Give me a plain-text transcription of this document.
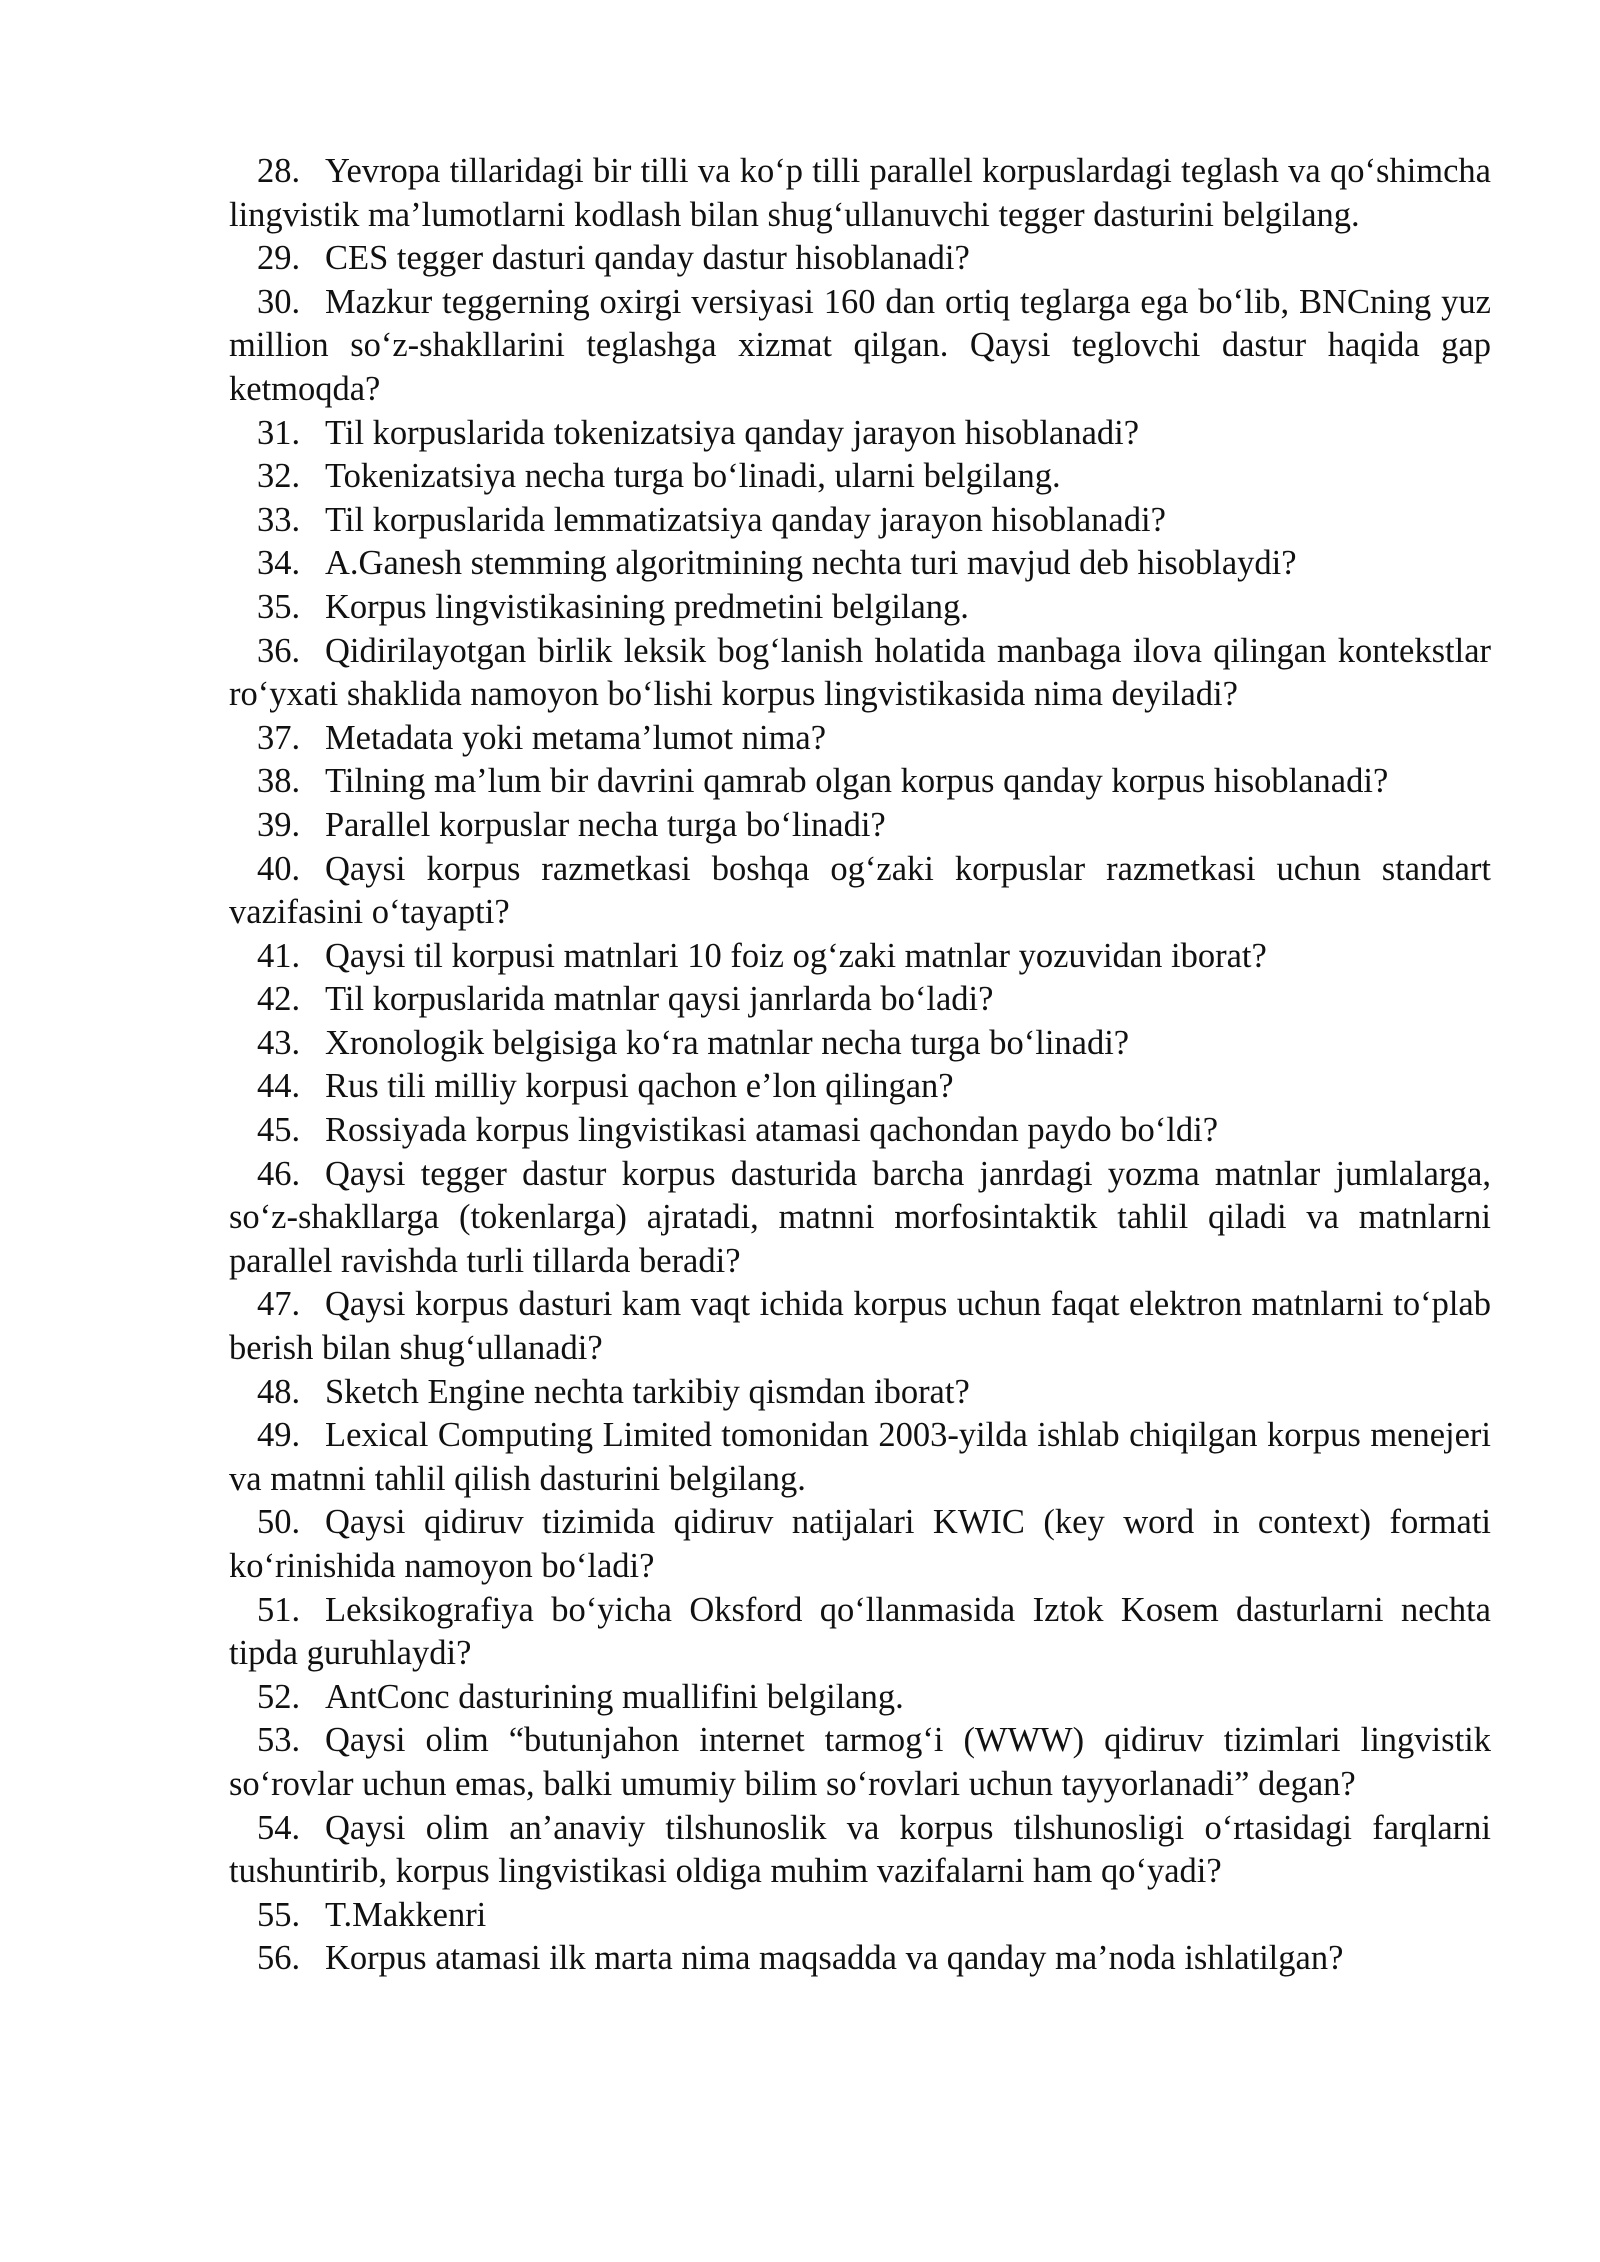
28. Yevropa tillaridagi bir tilli va ko‘p tilli parallel korpuslardagi teglash va qo‘shimcha lingvistik ma’lumotlarni kodlash bilan shug‘ullanuvchi tegger dasturini belgilang.

29. CES tegger dasturi qanday dastur hisoblanadi?

30. Mazkur teggerning oxirgi versiyasi 160 dan ortiq teglarga ega bo‘lib, BNCning yuz million so‘z-shakllarini teglashga xizmat qilgan. Qaysi teglovchi dastur haqida gap ketmoqda?

31. Til korpuslarida tokenizatsiya qanday jarayon hisoblanadi?

32. Tokenizatsiya necha turga bo‘linadi, ularni belgilang.

33. Til korpuslarida lemmatizatsiya qanday jarayon hisoblanadi?

34. A.Ganesh stemming algoritmining nechta turi mavjud deb hisoblaydi?

35. Korpus lingvistikasining predmetini belgilang.

36. Qidirilayotgan birlik leksik bog‘lanish holatida manbaga ilova qilingan kontekstlar ro‘yxati shaklida namoyon bo‘lishi korpus lingvistikasida nima deyiladi?

37. Metadata yoki metama’lumot nima?

38. Tilning ma’lum bir davrini qamrab olgan korpus qanday korpus hisoblanadi?

39. Parallel korpuslar necha turga bo‘linadi?

40. Qaysi korpus razmetkasi boshqa og‘zaki korpuslar razmetkasi uchun standart vazifasini o‘tayapti?

41. Qaysi til korpusi matnlari 10 foiz og‘zaki matnlar yozuvidan iborat?

42. Til korpuslarida matnlar qaysi janrlarda bo‘ladi?

43. Xronologik belgisiga ko‘ra matnlar necha turga bo‘linadi?

44. Rus tili milliy korpusi qachon e’lon qilingan?

45. Rossiyada korpus lingvistikasi atamasi qachondan paydo bo‘ldi?

46. Qaysi tegger dastur korpus dasturida barcha janrdagi yozma matnlar jumlalarga, so‘z-shakllarga (tokenlarga) ajratadi, matnni morfosintaktik tahlil qiladi va matnlarni parallel ravishda turli tillarda beradi?

47. Qaysi korpus dasturi kam vaqt ichida korpus uchun faqat elektron matnlarni to‘plab berish bilan shug‘ullanadi?

48. Sketch Engine nechta tarkibiy qismdan iborat?

49. Lexical Computing Limited tomonidan 2003-yilda ishlab chiqilgan korpus menejeri va matnni tahlil qilish dasturini belgilang.

50. Qaysi qidiruv tizimida qidiruv natijalari KWIC (key word in context) formati ko‘rinishida namoyon bo‘ladi?

51. Leksikografiya bo‘yicha Oksford qo‘llanmasida Iztok Kosem dasturlarni nechta tipda guruhlaydi?

52. AntConc dasturining muallifini belgilang.

53. Qaysi olim “butunjahon internet tarmog‘i (WWW) qidiruv tizimlari lingvistik so‘rovlar uchun emas, balki umumiy bilim so‘rovlari uchun tayyorlanadi” degan?

54. Qaysi olim an’anaviy tilshunoslik va korpus tilshunosligi o‘rtasidagi farqlarni tushuntirib, korpus lingvistikasi oldiga muhim vazifalarni ham qo‘yadi?

55. T.Makkenri

56. Korpus atamasi ilk marta nima maqsadda va qanday ma’noda ishlatilgan?
